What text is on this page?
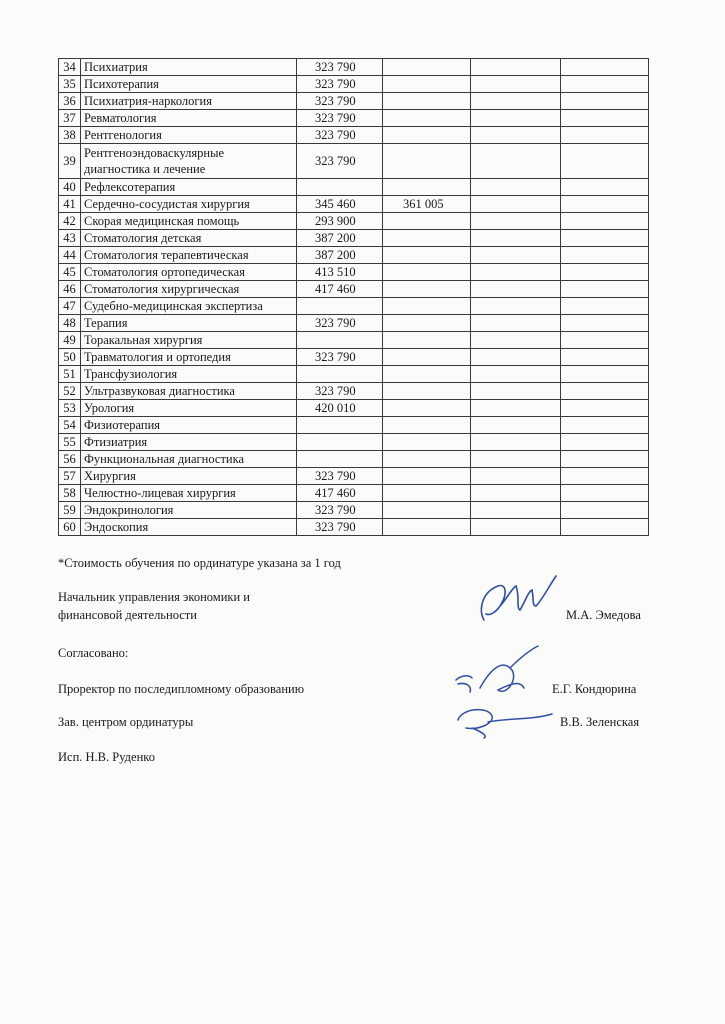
34	Психиатрия	323 790			
35	Психотерапия	323 790			
36	Психиатрия-наркология	323 790			
37	Ревматология	323 790			
38	Рентгенология	323 790			
39	Рентгеноэндоваскулярные диагностика и лечение	323 790			
40	Рефлексотерапия				
41	Сердечно-сосудистая хирургия	345 460	361 005		
42	Скорая медицинская помощь	293 900			
43	Стоматология детская	387 200			
44	Стоматология терапевтическая	387 200			
45	Стоматология ортопедическая	413 510			
46	Стоматология хирургическая	417 460			
47	Судебно-медицинская экспертиза				
48	Терапия	323 790			
49	Торакальная хирургия				
50	Травматология и ортопедия	323 790			
51	Трансфузиология				
52	Ультразвуковая диагностика	323 790			
53	Урология	420 010			
54	Физиотерапия				
55	Фтизиатрия				
56	Функциональная диагностика				
57	Хирургия	323 790			
58	Челюстно-лицевая хирургия	417 460			
59	Эндокринология	323 790			
60	Эндоскопия	323 790			
*Стоимость обучения по ординатуре указана за 1 год
Начальник управления экономики и
финансовой деятельности	М.А. Эмедова
Согласовано:
Проректор по последипломному образованию	Е.Г. Кондюрина
Зав. центром ординатуры	В.В. Зеленская
Исп. Н.В. Руденко
